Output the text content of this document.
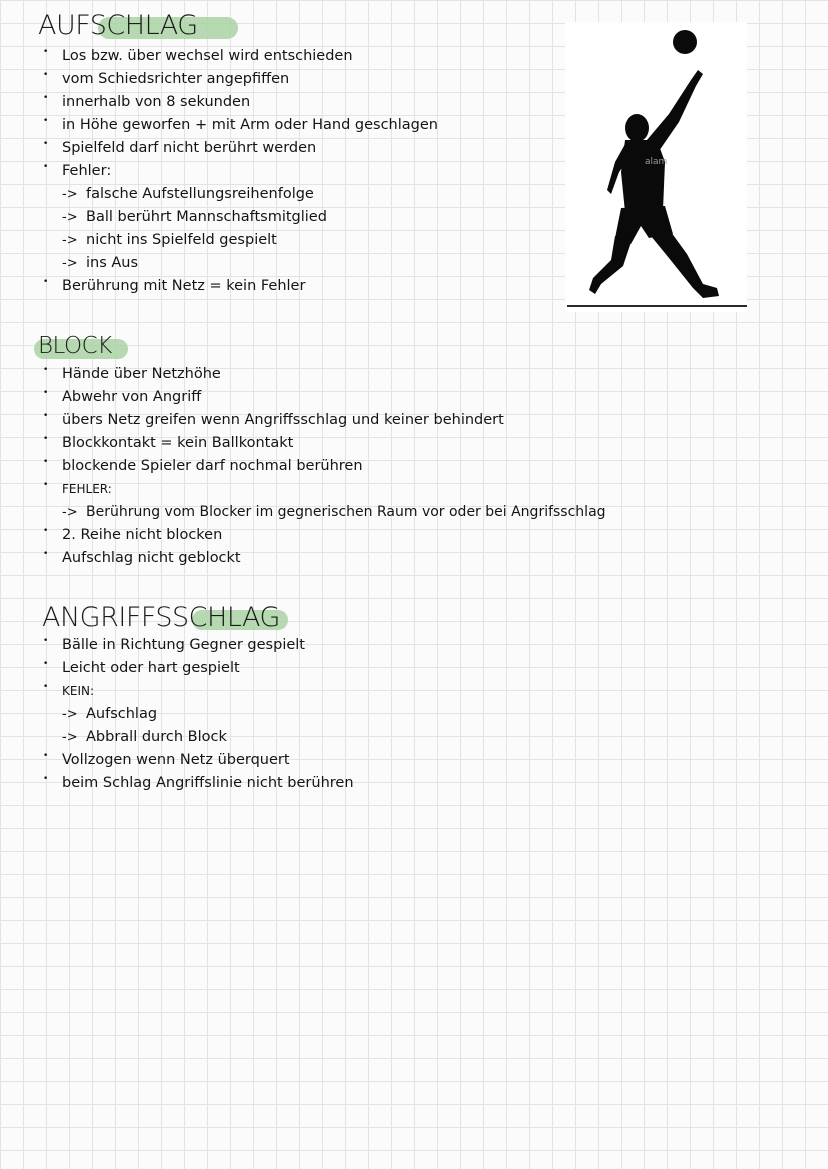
AUFSCHLAG
• Los bzw. über wechsel wird entschieden
• vom Schiedsrichter angepfiffen
• innerhalb von 8 sekunden
• in Höhe geworfen + mit Arm oder Hand geschlagen
• Spielfeld darf nicht berührt werden
• Fehler:
-> falsche Aufstellungsreihenfolge
-> Ball berührt Mannschaftsmitglied
-> nicht ins Spielfeld gespielt
-> ins Aus
• Berührung mit Netz = kein Fehler
alam
BLOCK
• Hände über Netzhöhe
• Abwehr von Angriff
• übers Netz greifen wenn Angriffsschlag und keiner behindert
• Blockkontakt = kein Ballkontakt
• blockende Spieler darf nochmal berühren
• FEHLER:
-> Berührung vom Blocker im gegnerischen Raum vor oder bei Angrifsschlag
• 2. Reihe nicht blocken
• Aufschlag nicht geblockt
ANGRIFFSSCHLAG
• Bälle in Richtung Gegner gespielt
• Leicht oder hart gespielt
• KEIN:
-> Aufschlag
-> Abbrall durch Block
• Vollzogen wenn Netz überquert
• beim Schlag Angriffslinie nicht berühren
